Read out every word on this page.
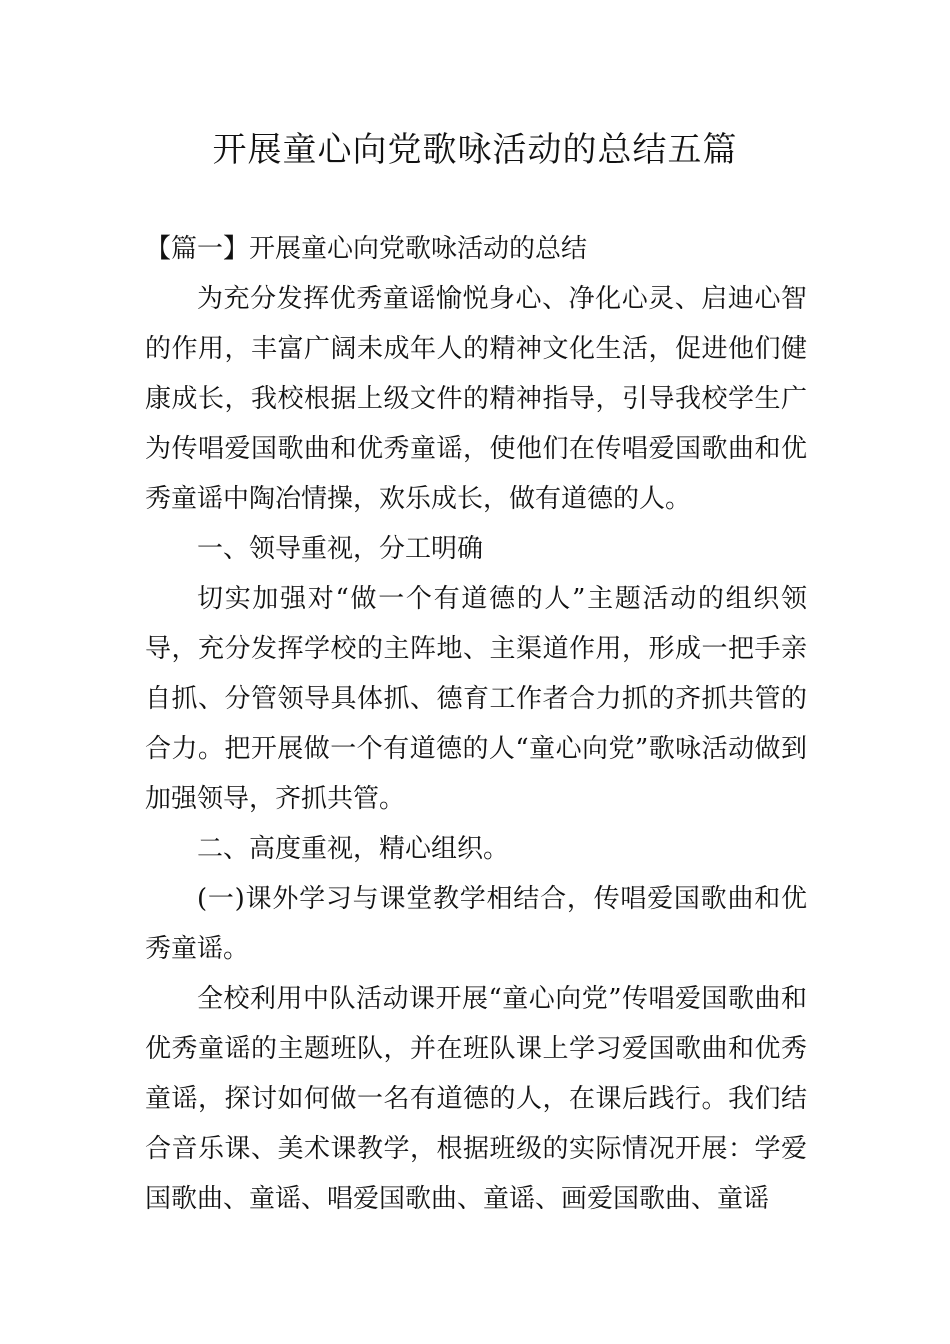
开展童心向党歌咏活动的总结五篇

【篇一】开展童心向党歌咏活动的总结

为充分发挥优秀童谣愉悦身心、净化心灵、启迪心智的作用，丰富广阔未成年人的精神文化生活，促进他们健康成长，我校根据上级文件的精神指导，引导我校学生广为传唱爱国歌曲和优秀童谣，使他们在传唱爱国歌曲和优秀童谣中陶冶情操，欢乐成长，做有道德的人。

一、领导重视，分工明确

切实加强对“做一个有道德的人”主题活动的组织领导，充分发挥学校的主阵地、主渠道作用，形成一把手亲自抓、分管领导具体抓、德育工作者合力抓的齐抓共管的合力。把开展做一个有道德的人“童心向党”歌咏活动做到加强领导，齐抓共管。

二、高度重视，精心组织。

(一)课外学习与课堂教学相结合，传唱爱国歌曲和优秀童谣。

全校利用中队活动课开展“童心向党”传唱爱国歌曲和优秀童谣的主题班队，并在班队课上学习爱国歌曲和优秀童谣，探讨如何做一名有道德的人，在课后践行。我们结合音乐课、美术课教学，根据班级的实际情况开展：学爱国歌曲、童谣、唱爱国歌曲、童谣、画爱国歌曲、童谣
